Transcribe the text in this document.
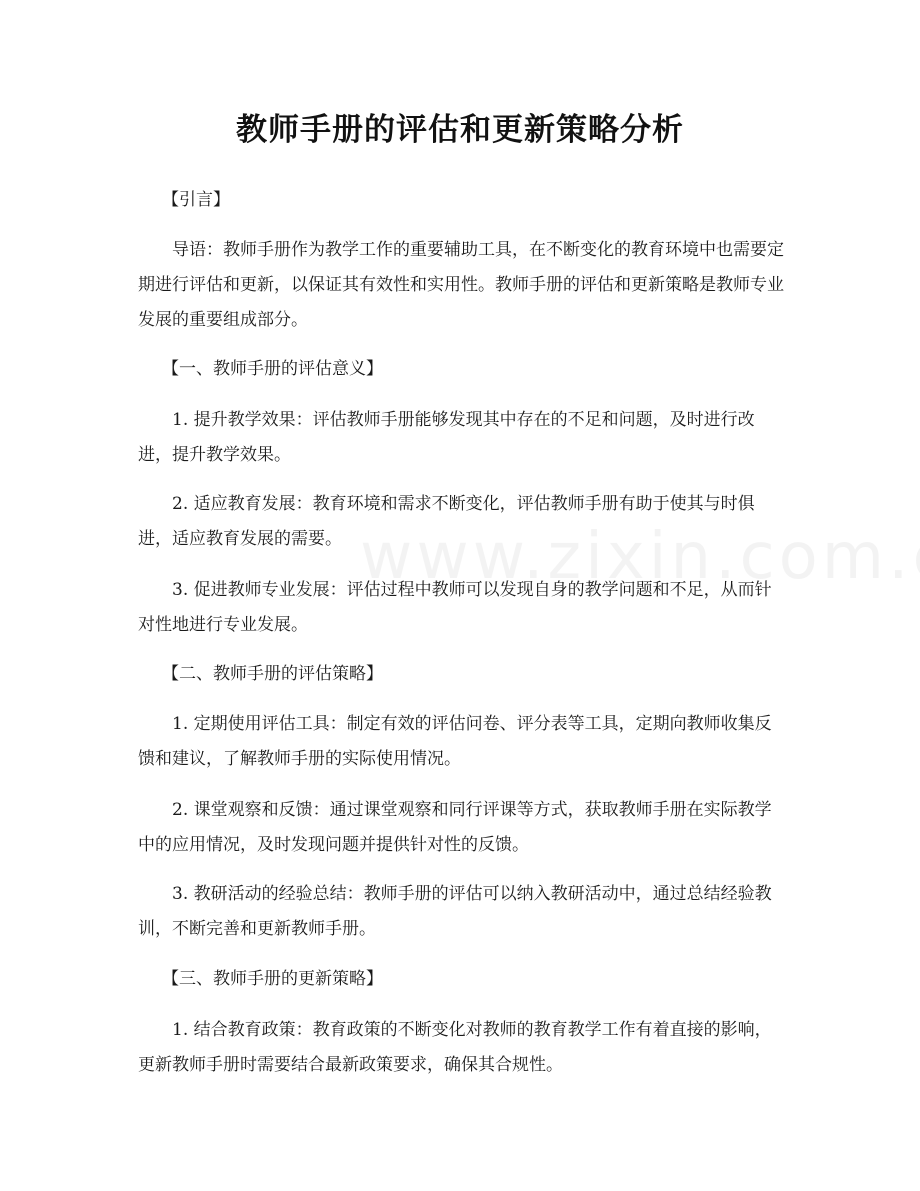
教师手册的评估和更新策略分析

【引言】

导语：教师手册作为教学工作的重要辅助工具，在不断变化的教育环境中也需要定期进行评估和更新，以保证其有效性和实用性。教师手册的评估和更新策略是教师专业发展的重要组成部分。

【一、教师手册的评估意义】

1. 提升教学效果：评估教师手册能够发现其中存在的不足和问题，及时进行改进，提升教学效果。

2. 适应教育发展：教育环境和需求不断变化，评估教师手册有助于使其与时俱进，适应教育发展的需要。

3. 促进教师专业发展：评估过程中教师可以发现自身的教学问题和不足，从而针对性地进行专业发展。

【二、教师手册的评估策略】

1. 定期使用评估工具：制定有效的评估问卷、评分表等工具，定期向教师收集反馈和建议，了解教师手册的实际使用情况。

2. 课堂观察和反馈：通过课堂观察和同行评课等方式，获取教师手册在实际教学中的应用情况，及时发现问题并提供针对性的反馈。

3. 教研活动的经验总结：教师手册的评估可以纳入教研活动中，通过总结经验教训，不断完善和更新教师手册。

【三、教师手册的更新策略】

1. 结合教育政策：教育政策的不断变化对教师的教育教学工作有着直接的影响，更新教师手册时需要结合最新政策要求，确保其合规性。
